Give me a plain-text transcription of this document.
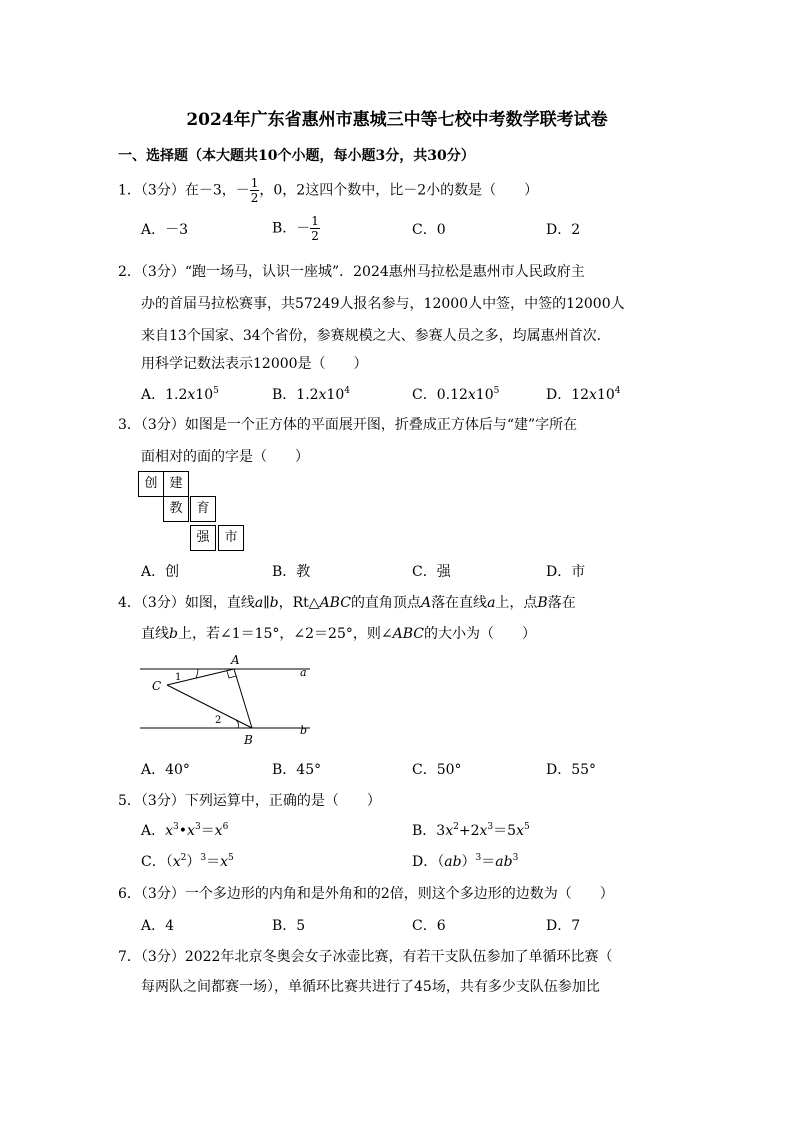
2024年广东省惠州市惠城三中等七校中考数学联考试卷
一、选择题（本大题共10个小题，每小题3分，共30分）
1．（3分）在－3，－ $\frac{1}{2}$ ，0，2这四个数中，比－2小的数是（　　）
A．－3	B．－ $\frac{1}{2}$	C．0	D．2
2．（3分）“跑一场马，认识一座城”．2024惠州马拉松是惠州市人民政府主
办的首届马拉松赛事，共57249人报名参与，12000人中签，中签的12000人
来自13个国家、34个省份，参赛规模之大、参赛人员之多，均属惠州首次.
用科学记数法表示12000是（　　）
A．$1.2x10^5$	B．$1.2x10^4$	C．$0.12x10^5$	D．$12x10^4$
3．（3分）如图是一个正方体的平面展开图，折叠成正方体后与“建”字所在
面相对的面的字是（　　）
创 建
教	育
强	市
A．创	B．教	C．强	D．市
4．（3分）如图，直线a∥b，Rt△ABC的直角顶点A落在直线a上，点B落在
直线b上，若∠1＝15°，∠2＝25°，则∠ABC的大小为（　　）
A
B
C
a
b
1
2
A．40°	B．45°	C．50°	D．55°
5．（3分）下列运算中，正确的是（　　）
A．$x^3•x^3=x^6$	B．$3x^2+2x^3=5x^5$
C．$(x^2)^3=x^5$	D．$(ab)^3=ab^3$
6．（3分）一个多边形的内角和是外角和的2倍，则这个多边形的边数为（　　）
A．4	B．5	C．6	D．7
7．（3分）2022年北京冬奥会女子冰壶比赛，有若干支队伍参加了单循环比赛（
每两队之间都赛一场），单循环比赛共进行了45场，共有多少支队伍参加比
